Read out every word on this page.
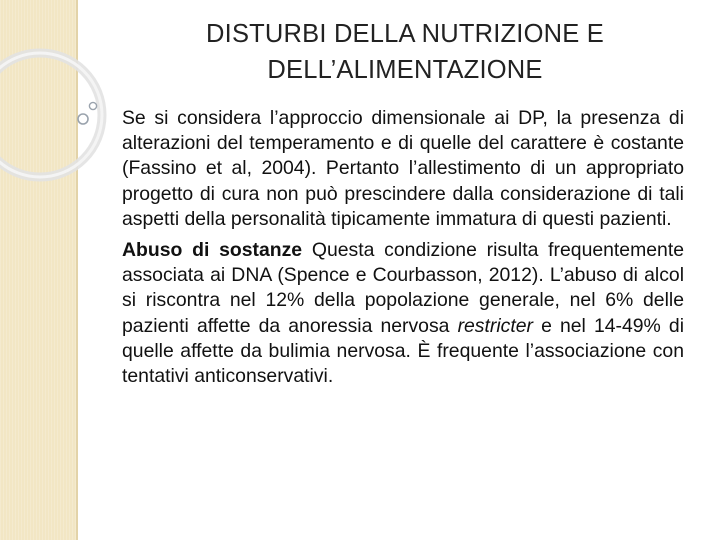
DISTURBI DELLA NUTRIZIONE E
DELL’ALIMENTAZIONE

Se si considera l’approccio dimensionale ai DP, la presenza di alterazioni del temperamento e di quelle del carattere è costante (Fassino et al, 2004). Pertanto l’allestimento di un appropriato progetto di cura non può prescindere dalla considerazione di tali aspetti della personalità tipicamente immatura di questi pazienti.

Abuso di sostanze Questa condizione risulta frequentemente associata ai DNA (Spence e Courbasson, 2012). L’abuso di alcol si riscontra nel 12% della popolazione generale, nel 6% delle pazienti affette da anoressia nervosa restricter e nel 14-49% di quelle affette da bulimia nervosa. È frequente l’associazione con tentativi anticonservativi.
